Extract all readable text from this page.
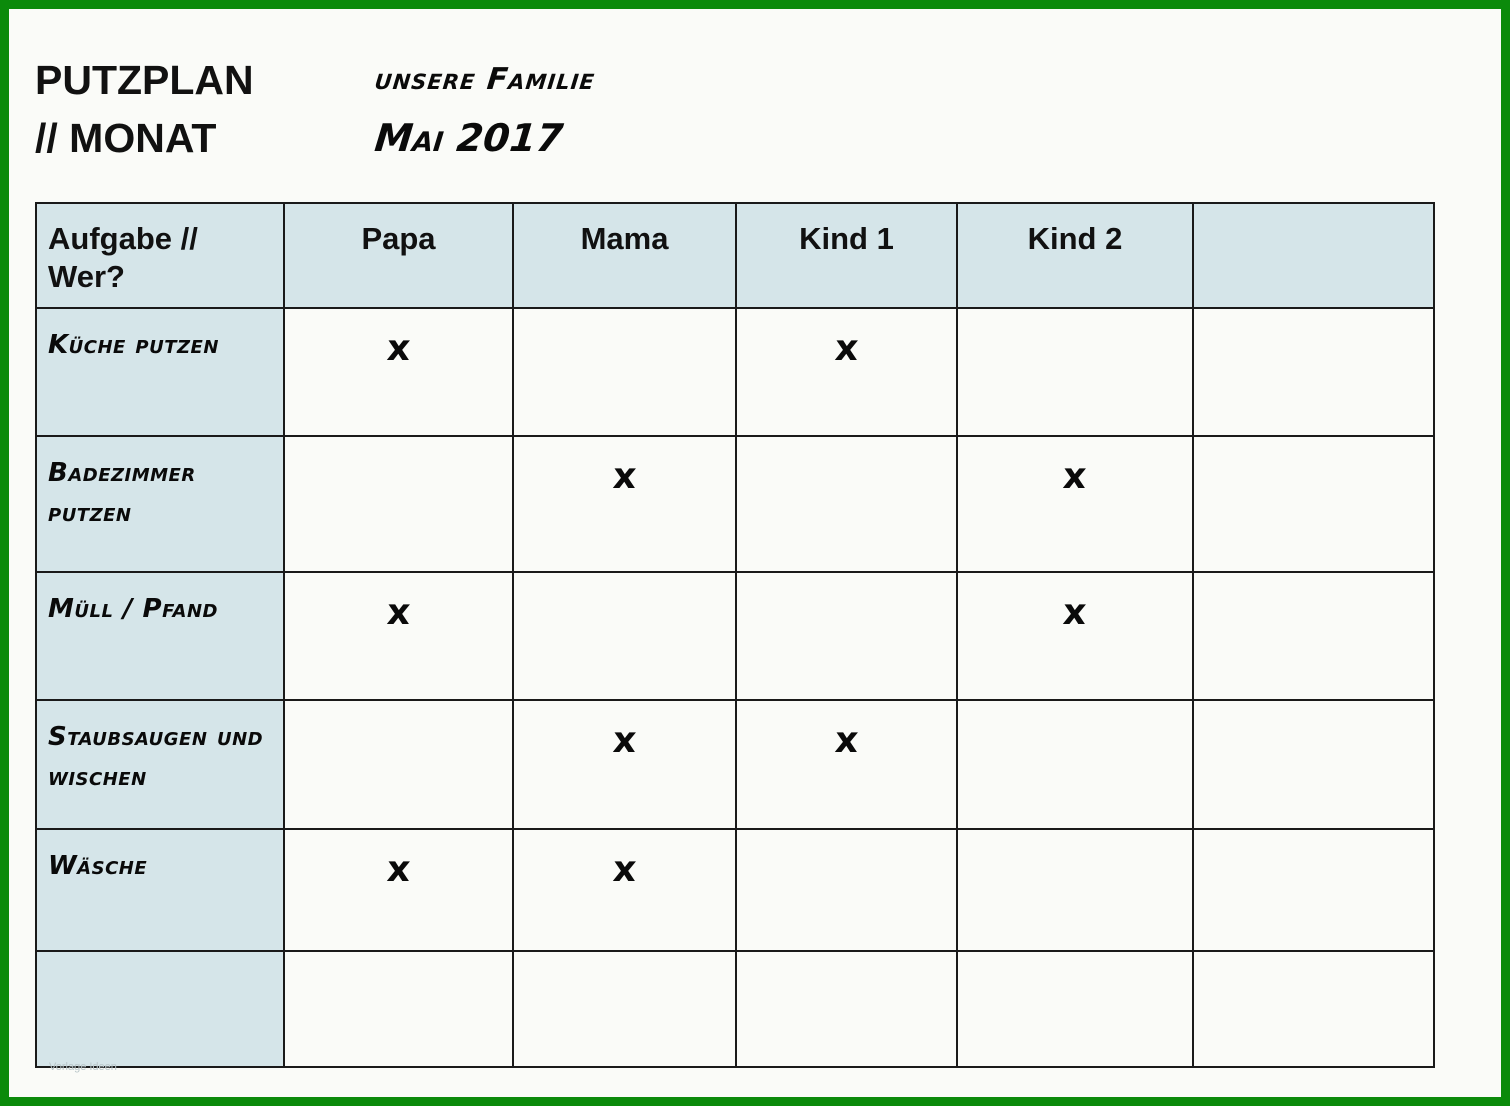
PUTZPLAN
// MONAT
unsere Familie
Mai 2017
Aufgabe // Wer?	Papa	Mama	Kind 1	Kind 2	
Küche putzen	x		x		
Badezimmer putzen		x		x	
Müll / Pfand	x			x	
Staubsaugen und wischen		x	x		
Wäsche	x	x			

Vorlage Ideen
